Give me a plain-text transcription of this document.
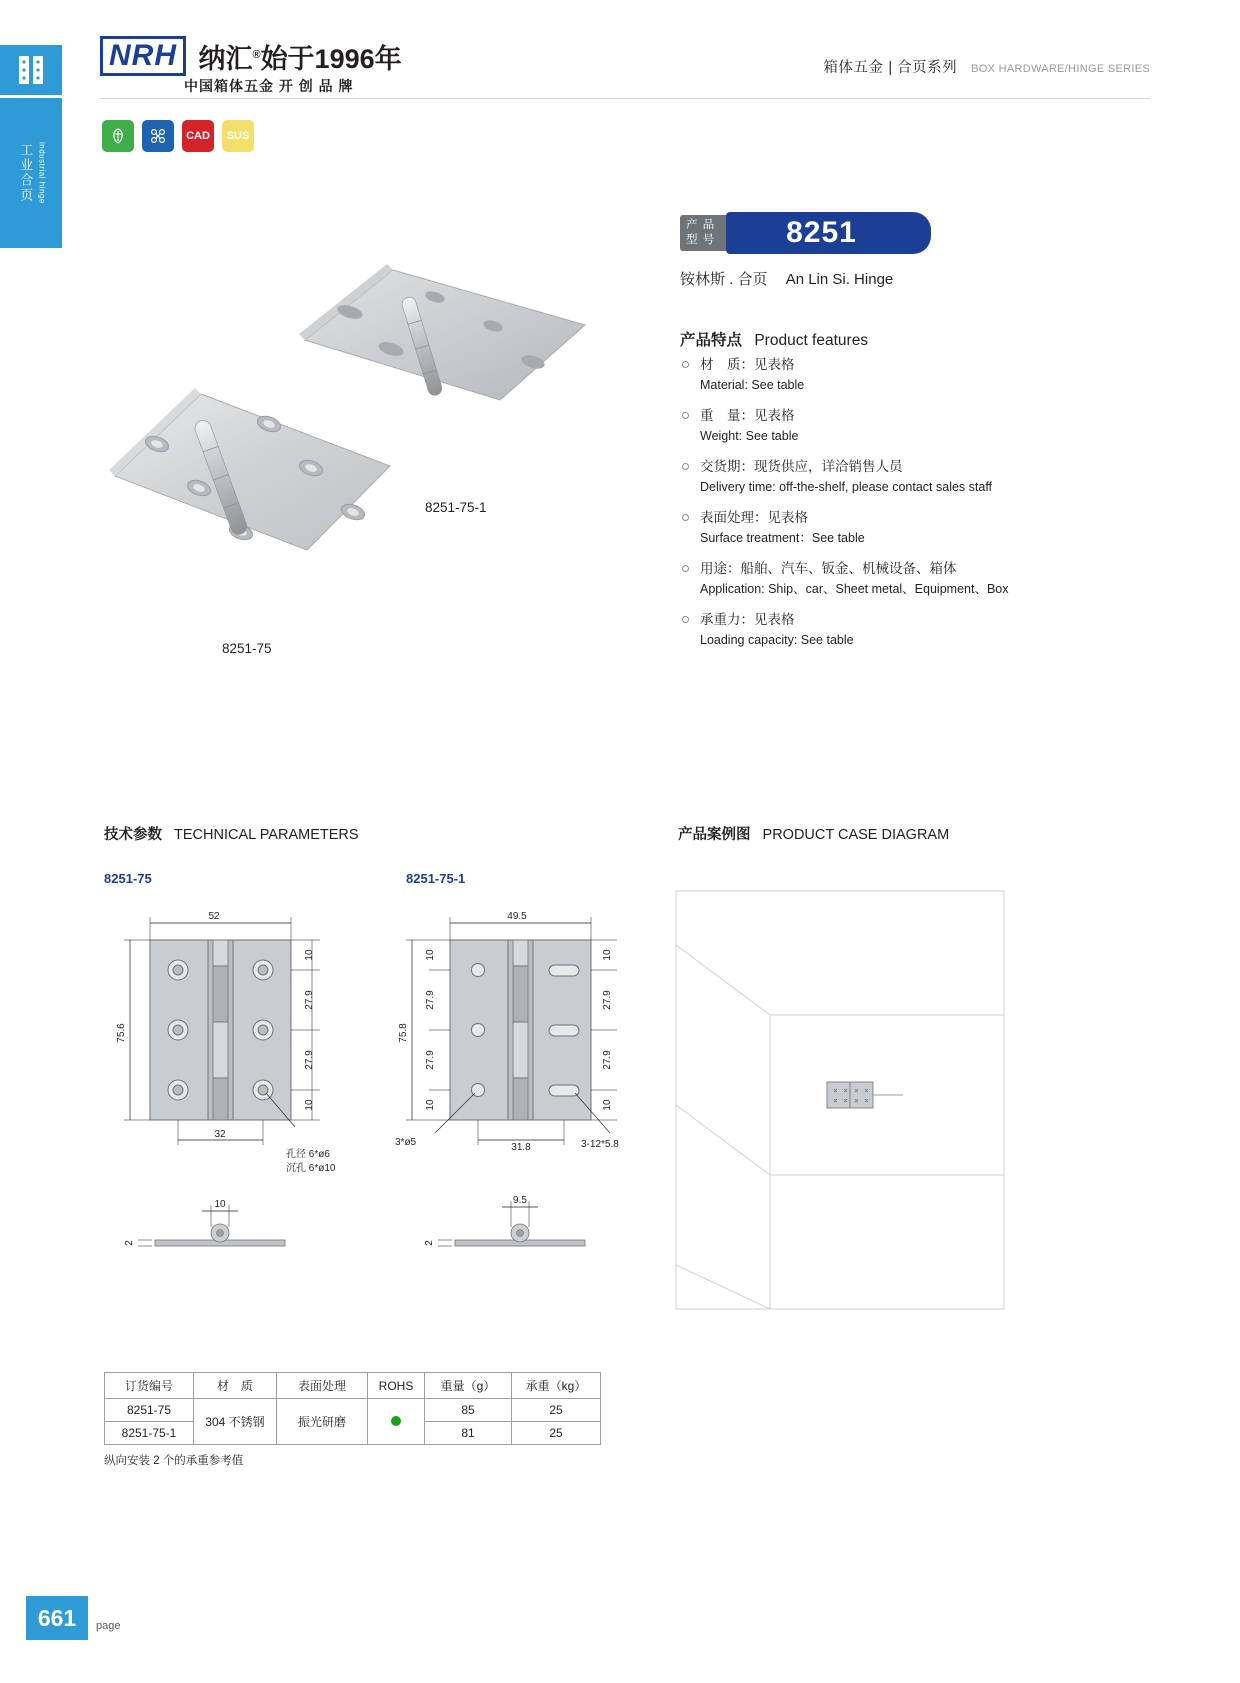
工业合页 industrial hinge
NRH 纳汇®始于1996年
中国箱体五金 开 创 品 牌
箱体五金 | 合页系列 BOX HARDWARE/HINGE SERIES
CAD	SUS
产 品
型 号	8251
铵林斯 . 合页 An Lin Si. Hinge
产品特点 Product features
材　质：见表格
Material: See table
重　量：见表格
Weight: See table
交货期：现货供应，详洽销售人员
Delivery time: off-the-shelf, please contact sales staff
表面处理：见表格
Surface treatment：See table
用途：船舶、汽车、钣金、机械设备、箱体
Application: Ship、car、Sheet metal、Equipment、Box
承重力：见表格
Loading capacity: See table
8251-75-1
8251-75
技术参数 TECHNICAL PARAMETERS	产品案例图 PRODUCT CASE DIAGRAM
8251-75	8251-75-1
52
75.6
10
27.9
27.9
10
32
孔径 6*ø6
沉孔 6*ø10
10
2
49.5
75.8
10
27.9
27.9
10
10
27.9
27.9
10
31.8
3*ø5	3-12*5.8
9.5
2
订货编号	材　质	表面处理	ROHS	重量（g）	承重（kg）
8251-75	304 不锈钢	振光研磨		85	25
8251-75-1				81	25
纵向安装 2 个的承重参考值
661	page
